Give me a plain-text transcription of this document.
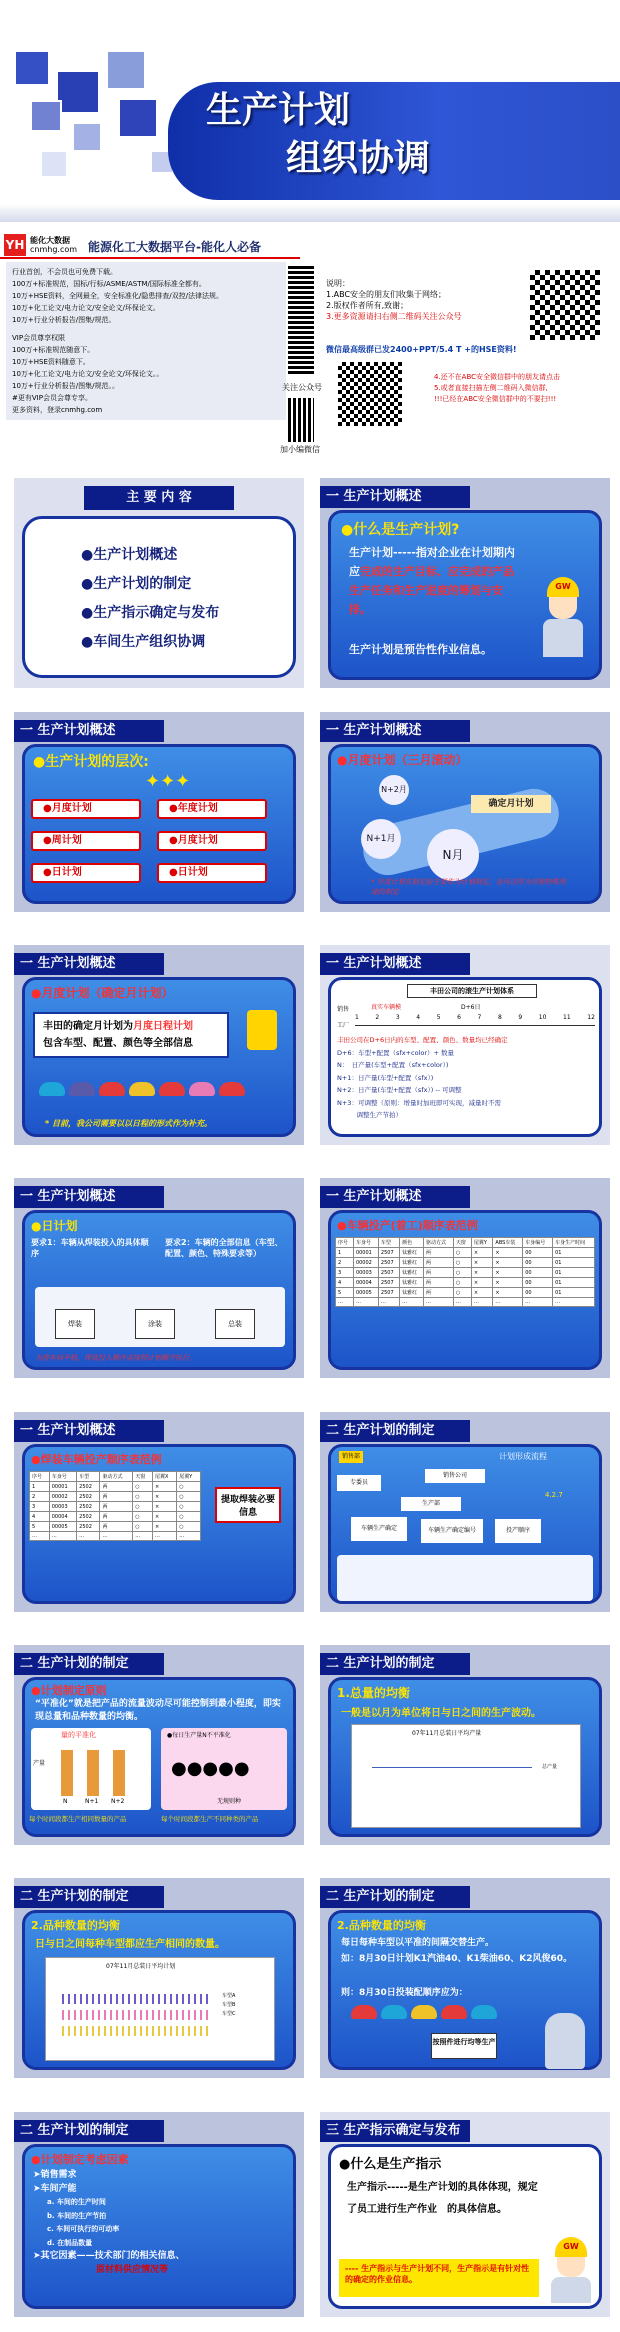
生产计划
组织协调
YH 能化大数据
cnmhg.com 能源化工大数据平台-能化人必备
行业首创，不会员也可免费下载。
100万+标准规范，国标/行标/ASME/ASTM/国际标准全都有。
10万+HSE资料，全网最全，安全标准化/隐患排查/双控/法律法规。
10万+化工论文/电力论文/安全论文/环保论文。
10万+行业分析报告/图集/规范。
VIP会员尊享权限
100万+标准规范随意下。
10万+HSE资料随意下。
10万+化工论文/电力论文/安全论文/环保论文。。
10万+行业分析报告/图集/规范。。
#更有VIP会员会尊专享。
更多资料，登录cnmhg.com
关注公众号
加小编微信
说明：
1.ABC安全的朋友们收集于网络；
2.版权作者所有,致谢；
3.更多资源请扫右侧二维码关注公众号
微信最高级群已发2400+PPT/5.4 T +的HSE资料!
4.还不在ABC安全微信群中的朋友请点击
5.或者直接扫描左侧二维码入微信群,
!!!已经在ABC安全微信群中的不要扫!!!
主 要 内 容
●生产计划概述
●生产计划的制定
●生产指示确定与发布
●车间生产组织协调
一 生产计划概述
●什么是生产计划?
生产计划-----指对企业在计划期内应完成的生产目标、应完成的产品生产任务和生产进度的筹划与安排。
生产计划是预告性作业信息。
GW
一 生产计划概述
●生产计划的层次:
✦✦✦
●月度计划	●年度计划
●周计划	●月度计划
●日计划	●日计划
一 生产计划概述
●月度计划（三月滚动）
N+2月
N+1月
N月
确定月计划
* 月度计划在制定前主要作为计划制定，也可以作为其他特殊用途的制定
一 生产计划概述
●月度计划（确定月计划）
丰田的确定月计划为月度日程计划
包含车型、配置、颜色等全部信息
* 目前，我公司需要以以日程的形式作为补充。
一 生产计划概述
丰田公司的滚生产计划体系
销售	真实车辆模	D+6日
工厂
1	2	3	4	5	6	7	8	9	10	11	12
丰田公司在D+6日内的车型、配置、颜色、数量均已经确定
D+6：车型+配置（sfx+color）+ 数量
N：　日产量(车型+配置（sfx+color）)
N+1：日产量(车型+配置（sfx）)
N+2：日产量(车型+配置（sfx）) -- 可调整
N+3：可调整（原则：增量时加班即可实现，减量时不需
　　　调整生产节拍）
一 生产计划概述
●日计划
要求1：车辆从焊装投入的具体顺序
要求2：车辆的全部信息（车型、配置、颜色、特殊要求等）
焊装	涂装	总装
为使车间平稳，焊装投入顺序需按照计划顺序执行。
一 生产计划概述
●车辆投产(着工)顺序表范例
序号	车身号	车型	颜色	驱动方式	天窗	尾翼Y	ABS车装	车身编号	车身生产时间
1	00001	2507	钛雅红	两	○	×	×	00	01
2	00002	2507	钛雅红	两	○	×	×	00	01
3	00003	2507	钛雅红	两	○	×	×	00	01
4	00004	2507	钛雅红	两	○	×	×	00	01
5	00005	2507	钛雅红	两	○	×	×	00	01
…	…	…	…	…	…	…	…	…	…
一 生产计划概述
●焊装车辆投产顺序表范例
序号	车身号	车型	驱动方式	天窗	尾翼X	尾翼Y
1	00001	2502	两	○	×	○
2	00002	2502	两	○	×	○
3	00003	2502	两	○	×	○
4	00004	2502	两	○	×	○
5	00005	2502	两	○	×	○
…	…	…	…	…	…	…
提取焊装必要信息
二 生产计划的制定
计划形成流程
销售部
专委员
销售公司
生产部
车辆生产确定	车辆生产确定编号	投产顺序
4.2.7
二 生产计划的制定
●计划制定原则
“平准化”就是把产品的流量波动尽可能控制到最小程度，即实现总量和品种数量的均衡。
量的平准化
产量
N	N+1 N+2
●每日生产量N不平准化
●●●●●
无规则种
每个时间段都生产相同数量的产品	每个时间段都生产不同种类的产品
二 生产计划的制定
1.总量的均衡
一般是以月为单位将日与日之间的生产波动。
07年11月总装日平均产量
总产量
二 生产计划的制定
2.品种数量的均衡
日与日之间每种车型都应生产相同的数量。
07年11月总装日平均计划
车型A
车型B
车型C
二 生产计划的制定
2.品种数量的均衡
每日每种车型以平准的间隔交替生产。
如：8月30日计划K1汽油40、K1柴油60、K2风俊60。
则：8月30日投装配顺序应为：
按照件进行均等生产
二 生产计划的制定
●计划制定考虑因素
➤销售需求
➤车间产能
a. 车间的生产时间
b. 车间的生产节拍
c. 车间可执行的可动率
d. 在制品数量
➤其它因素——技术部门的相关信息、
　　　　　　　原材料供应情况等
三 生产指示确定与发布
●什么是生产指示
生产指示-----是生产计划的具体体现，规定了员工进行生产作业　的具体信息。
---- 生产指示与生产计划不同，生产指示是有针对性的确定的作业信息。
GW
